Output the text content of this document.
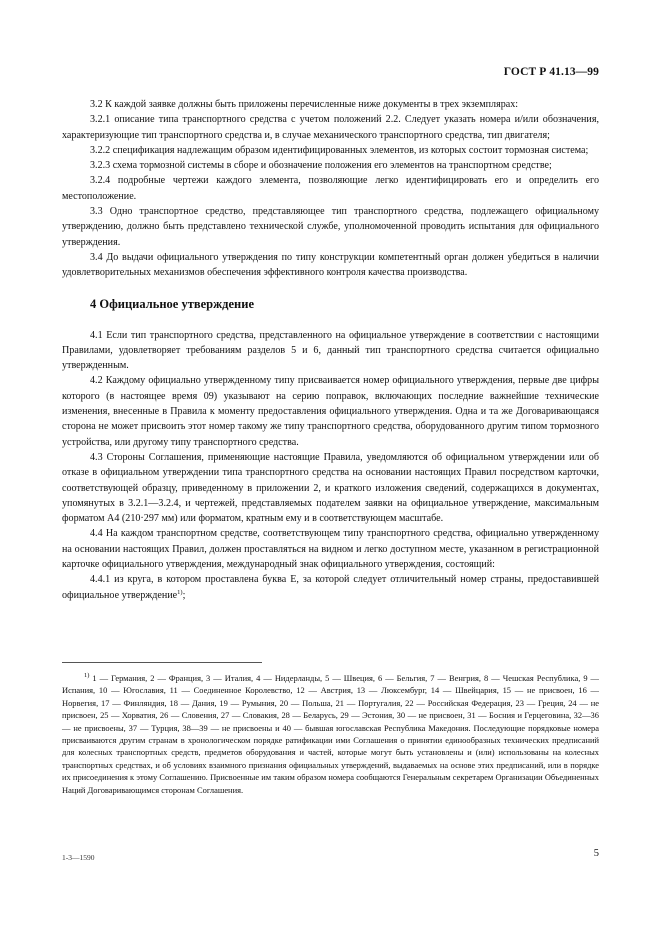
ГОСТ Р 41.13—99

3.2 К каждой заявке должны быть приложены перечисленные ниже документы в трех экземплярах:

3.2.1 описание типа транспортного средства с учетом положений 2.2. Следует указать номера и/или обозначения, характеризующие тип транспортного средства и, в случае механического транспортного средства, тип двигателя;

3.2.2 спецификация надлежащим образом идентифицированных элементов, из которых состоит тормозная система;

3.2.3 схема тормозной системы в сборе и обозначение положения его элементов на транспортном средстве;

3.2.4 подробные чертежи каждого элемента, позволяющие легко идентифицировать его и определить его местоположение.

3.3 Одно транспортное средство, представляющее тип транспортного средства, подлежащего официальному утверждению, должно быть представлено технической службе, уполномоченной проводить испытания для официального утверждения.

3.4 До выдачи официального утверждения по типу конструкции компетентный орган должен убедиться в наличии удовлетворительных механизмов обеспечения эффективного контроля качества производства.

4 Официальное утверждение

4.1 Если тип транспортного средства, представленного на официальное утверждение в соответствии с настоящими Правилами, удовлетворяет требованиям разделов 5 и 6, данный тип транспортного средства считается официально утвержденным.

4.2 Каждому официально утвержденному типу присваивается номер официального утверждения, первые две цифры которого (в настоящее время 09) указывают на серию поправок, включающих последние важнейшие технические изменения, внесенные в Правила к моменту предоставления официального утверждения. Одна и та же Договаривающаяся сторона не может присвоить этот номер такому же типу транспортного средства, оборудованного другим типом тормозного устройства, или другому типу транспортного средства.

4.3 Стороны Соглашения, применяющие настоящие Правила, уведомляются об официальном утверждении или об отказе в официальном утверждении типа транспортного средства на основании настоящих Правил посредством карточки, соответствующей образцу, приведенному в приложении 2, и краткого изложения сведений, содержащихся в документах, упомянутых в 3.2.1—3.2.4, и чертежей, представляемых подателем заявки на официальное утверждение, максимальным форматом А4 (210·297 мм) или форматом, кратным ему и в соответствующем масштабе.

4.4 На каждом транспортном средстве, соответствующем типу транспортного средства, официально утвержденному на основании настоящих Правил, должен проставляться на видном и легко доступном месте, указанном в регистрационной карточке официального утверждения, международный знак официального утверждения, состоящий:

4.4.1 из круга, в котором проставлена буква Е, за которой следует отличительный номер страны, предоставившей официальное утверждение$^{1)}$;

$^{1)}$ 1 — Германия, 2 — Франция, 3 — Италия, 4 — Нидерланды, 5 — Швеция, 6 — Бельгия, 7 — Венгрия, 8 — Чешская Республика, 9 — Испания, 10 — Югославия, 11 — Соединенное Королевство, 12 — Австрия, 13 — Люксембург, 14 — Швейцария, 15 — не присвоен, 16 — Норвегия, 17 — Финляндия, 18 — Дания, 19 — Румыния, 20 — Польша, 21 — Португалия, 22 — Российская Федерация, 23 — Греция, 24 — не присвоен, 25 — Хорватия, 26 — Словения, 27 — Словакия, 28 — Беларусь, 29 — Эстония, 30 — не присвоен, 31 — Босния и Герцеговина, 32—36 — не присвоены, 37 — Турция, 38—39 — не присвоены и 40 — бывшая югославская Республика Македония. Последующие порядковые номера присваиваются другим странам в хронологическом порядке ратификации ими Соглашения о принятии единообразных технических предписаний для колесных транспортных средств, предметов оборудования и частей, которые могут быть установлены и (или) использованы на колесных транспортных средствах, и об условиях взаимного признания официальных утверждений, выдаваемых на основе этих предписаний, или в порядке их присоединения к этому Соглашению. Присвоенные им таким образом номера сообщаются Генеральным секретарем Организации Объединенных Наций Договаривающимся сторонам Соглашения.

1-3—1590	5
